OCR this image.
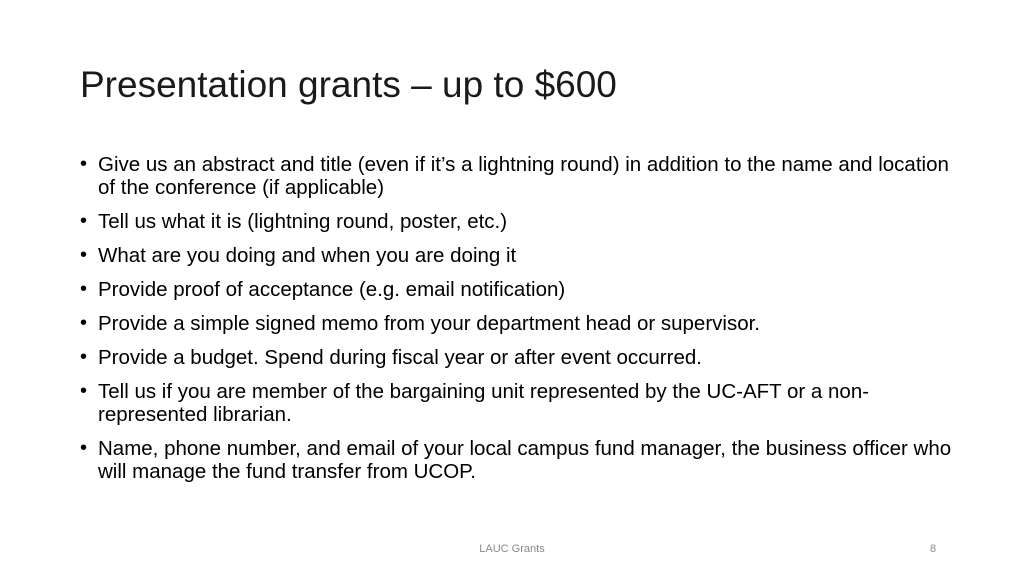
Presentation grants – up to $600
• Give us an abstract and title (even if it’s a lightning round) in addition to the name and location of the conference (if applicable)
• Tell us what it is (lightning round, poster, etc.)
• What are you doing and when you are doing it
• Provide proof of acceptance (e.g. email notification)
• Provide a simple signed memo from your department head or supervisor.
• Provide a budget. Spend during fiscal year or after event occurred.
• Tell us if you are member of the bargaining unit represented by the UC-AFT or a non-represented librarian.
• Name, phone number, and email of your local campus fund manager, the business officer who will manage the fund transfer from UCOP.
LAUC Grants	8
